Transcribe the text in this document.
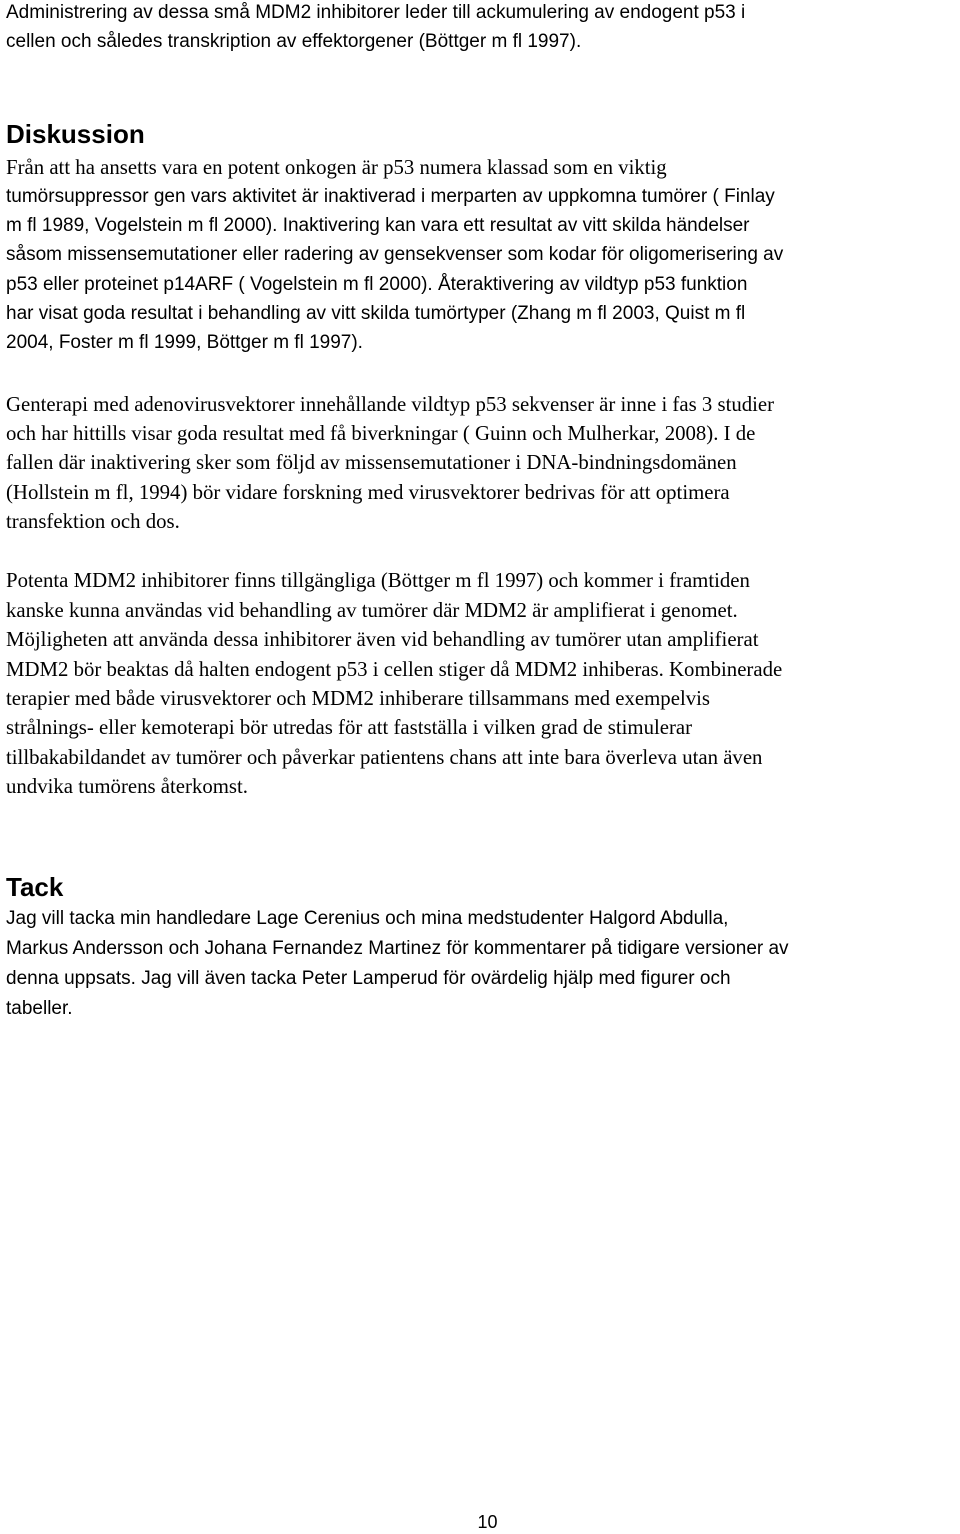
Administrering av dessa små MDM2 inhibitorer leder till ackumulering av endogent p53 i
cellen och således transkription av effektorgener (Böttger m fl 1997).
Diskussion
Från att ha ansetts vara en potent onkogen är p53 numera klassad som en viktig
tumörsuppressor gen vars aktivitet är inaktiverad i merparten av uppkomna tumörer ( Finlay
m fl 1989, Vogelstein m fl 2000). Inaktivering kan vara ett resultat av vitt skilda händelser
såsom missensemutationer eller radering av gensekvenser som kodar för oligomerisering av
p53 eller proteinet p14ARF ( Vogelstein m fl 2000). Återaktivering av vildtyp p53 funktion
har visat goda resultat i behandling av vitt skilda tumörtyper (Zhang m fl 2003, Quist m fl
2004, Foster m fl 1999, Böttger m fl 1997).
Genterapi med adenovirusvektorer innehållande vildtyp p53 sekvenser är inne i fas 3 studier
och har hittills visar goda resultat med få biverkningar ( Guinn och Mulherkar, 2008). I de
fallen där inaktivering sker som följd av missensemutationer i DNA-bindningsdomänen
(Hollstein m fl, 1994) bör vidare forskning med virusvektorer bedrivas för att optimera
transfektion och dos.
Potenta MDM2 inhibitorer finns tillgängliga (Böttger m fl 1997) och kommer i framtiden
kanske kunna användas vid behandling av tumörer där MDM2 är amplifierat i genomet.
Möjligheten att använda dessa inhibitorer även vid behandling av tumörer utan amplifierat
MDM2 bör beaktas då halten endogent p53 i cellen stiger då MDM2 inhiberas. Kombinerade
terapier med både virusvektorer och MDM2 inhiberare tillsammans med exempelvis
strålnings- eller kemoterapi bör utredas för att fastställa i vilken grad de stimulerar
tillbakabildandet av tumörer och påverkar patientens chans att inte bara överleva utan även
undvika tumörens återkomst.
Tack
Jag vill tacka min handledare Lage Cerenius och mina medstudenter Halgord Abdulla,
Markus Andersson och Johana Fernandez Martinez för kommentarer på tidigare versioner av
denna uppsats. Jag vill även tacka Peter Lamperud för ovärdelig hjälp med figurer och
tabeller.
10
